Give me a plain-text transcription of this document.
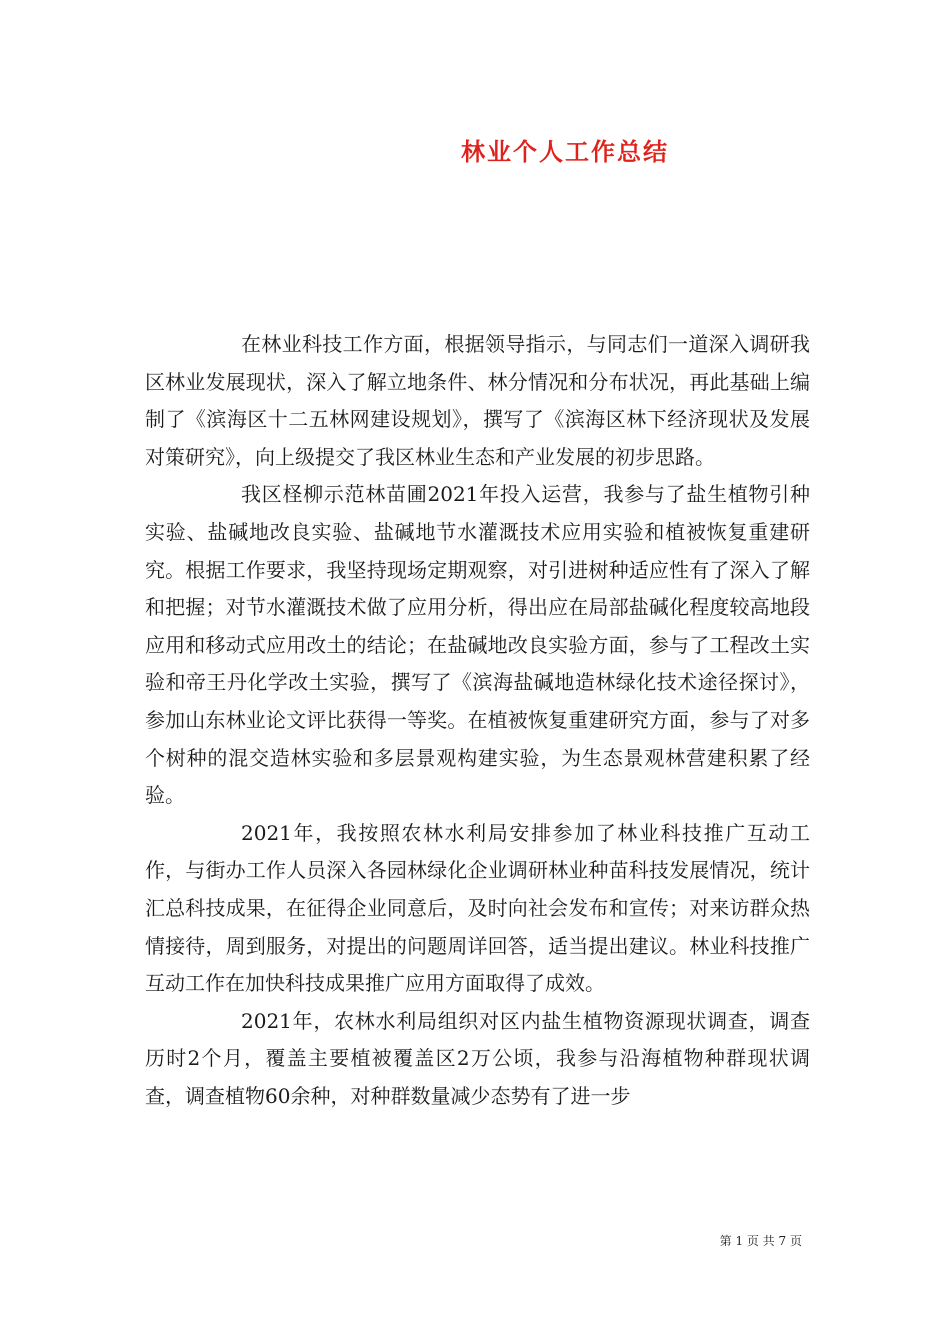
林业个人工作总结

在林业科技工作方面，根据领导指示，与同志们一道深入调研我区林业发展现状，深入了解立地条件、林分情况和分布状况，再此基础上编制了《滨海区十二五林网建设规划》，撰写了《滨海区林下经济现状及发展对策研究》，向上级提交了我区林业生态和产业发展的初步思路。

我区柽柳示范林苗圃2021年投入运营，我参与了盐生植物引种实验、盐碱地改良实验、盐碱地节水灌溉技术应用实验和植被恢复重建研究。根据工作要求，我坚持现场定期观察，对引进树种适应性有了深入了解和把握；对节水灌溉技术做了应用分析，得出应在局部盐碱化程度较高地段应用和移动式应用改土的结论；在盐碱地改良实验方面，参与了工程改土实验和帝王丹化学改土实验，撰写了《滨海盐碱地造林绿化技术途径探讨》，参加山东林业论文评比获得一等奖。在植被恢复重建研究方面，参与了对多个树种的混交造林实验和多层景观构建实验，为生态景观林营建积累了经验。

2021年，我按照农林水利局安排参加了林业科技推广互动工作，与街办工作人员深入各园林绿化企业调研林业种苗科技发展情况，统计汇总科技成果，在征得企业同意后，及时向社会发布和宣传；对来访群众热情接待，周到服务，对提出的问题周详回答，适当提出建议。林业科技推广互动工作在加快科技成果推广应用方面取得了成效。

2021年，农林水利局组织对区内盐生植物资源现状调查，调查历时2个月，覆盖主要植被覆盖区2万公顷，我参与沿海植物种群现状调查，调查植物60余种，对种群数量减少态势有了进一步

第 1 页 共 7 页
